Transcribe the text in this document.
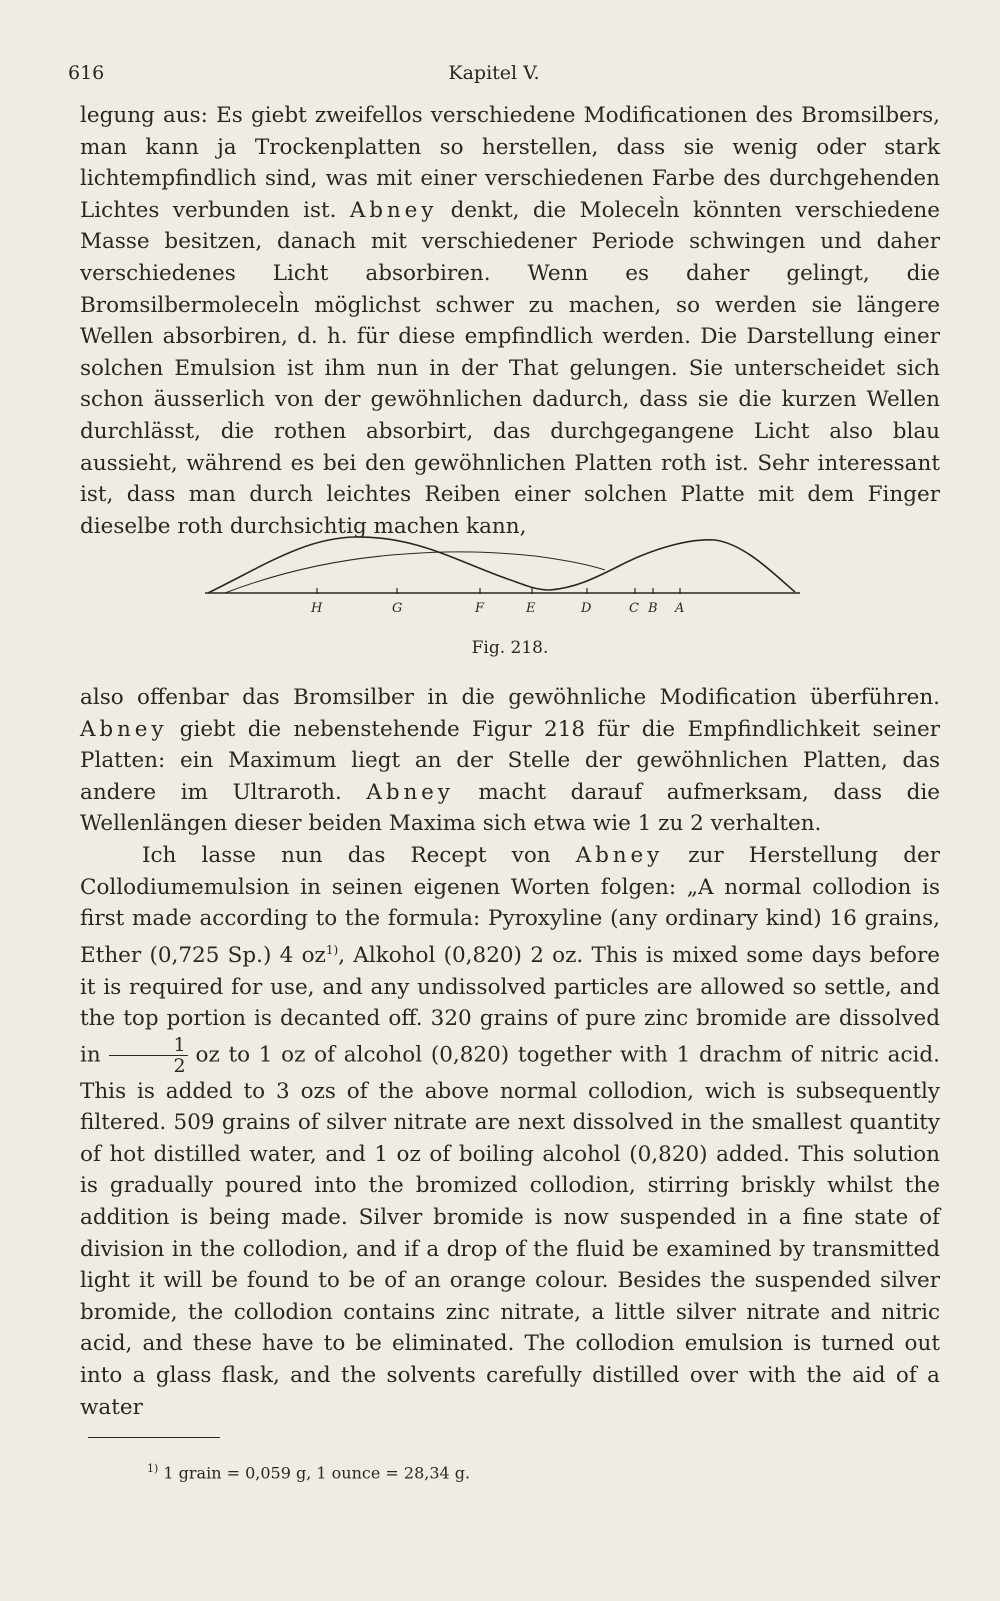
616	Kapitel V.

legung aus: Es giebt zweifellos verschiedene Modificationen des Bromsilbers, man kann ja Trockenplatten so herstellen, dass sie wenig oder stark lichtempfindlich sind, was mit einer verschiedenen Farbe des durchgehenden Lichtes verbunden ist. Abney denkt, die Molecel̀n könnten verschiedene Masse besitzen, danach mit verschiedener Periode schwingen und daher verschiedenes Licht absorbiren. Wenn es daher gelingt, die Bromsilbermolecel̀n möglichst schwer zu machen, so werden sie längere Wellen absorbiren, d. h. für diese empfindlich werden. Die Darstellung einer solchen Emulsion ist ihm nun in der That gelungen. Sie unterscheidet sich schon äusserlich von der gewöhnlichen dadurch, dass sie die kurzen Wellen durchlässt, die rothen absorbirt, das durchgegangene Licht also blau aussieht, während es bei den gewöhnlichen Platten roth ist. Sehr interessant ist, dass man durch leichtes Reiben einer solchen Platte mit dem Finger dieselbe roth durchsichtig machen kann,

H	G	F	E	D	C B A
Fig. 218.

also offenbar das Bromsilber in die gewöhnliche Modification überführen. Abney giebt die nebenstehende Figur 218 für die Empfindlichkeit seiner Platten: ein Maximum liegt an der Stelle der gewöhnlichen Platten, das andere im Ultraroth. Abney macht darauf aufmerksam, dass die Wellenlängen dieser beiden Maxima sich etwa wie 1 zu 2 verhalten.

Ich lasse nun das Recept von Abney zur Herstellung der Collodiumemulsion in seinen eigenen Worten folgen: „A normal collodion is first made according to the formula: Pyroxyline (any ordinary kind) 16 grains, Ether (0,725 Sp.) 4 oz$^{1)}$, Alkohol (0,820) 2 oz. This is mixed some days before it is required for use, and any undissolved particles are allowed so settle, and the top portion is decanted off. 320 grains of pure zinc bromide are dissolved in $\frac{1}{2}$ oz to 1 oz of alcohol (0,820) together with 1 drachm of nitric acid. This is added to 3 ozs of the above normal collodion, wich is subsequently filtered. 509 grains of silver nitrate are next dissolved in the smallest quantity of hot distilled water, and 1 oz of boiling alcohol (0,820) added. This solution is gradually poured into the bromized collodion, stirring briskly whilst the addition is being made. Silver bromide is now suspended in a fine state of division in the collodion, and if a drop of the fluid be examined by transmitted light it will be found to be of an orange colour. Besides the suspended silver bromide, the collodion contains zinc nitrate, a little silver nitrate and nitric acid, and these have to be eliminated. The collodion emulsion is turned out into a glass flask, and the solvents carefully distilled over with the aid of a water

$^{1)}$ 1 grain = 0,059 g, 1 ounce = 28,34 g.
